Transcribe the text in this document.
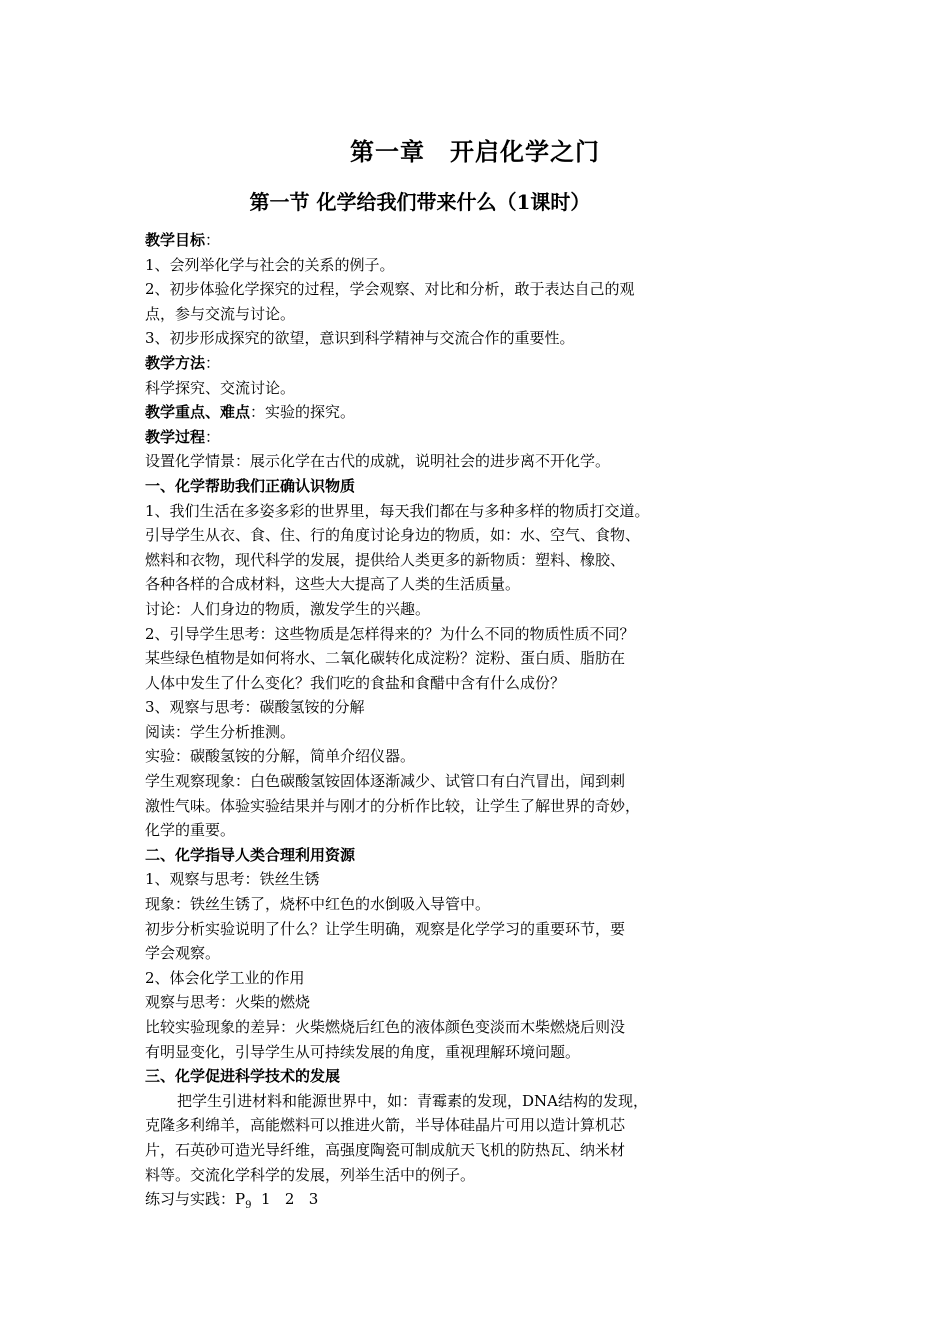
第一章　开启化学之门
第一节 化学给我们带来什么（1课时）
教学目标：
1、会列举化学与社会的关系的例子。
2、初步体验化学探究的过程，学会观察、对比和分析，敢于表达自己的观
点，参与交流与讨论。
3、初步形成探究的欲望，意识到科学精神与交流合作的重要性。
教学方法：
科学探究、交流讨论。
教学重点、难点：实验的探究。
教学过程：
设置化学情景：展示化学在古代的成就，说明社会的进步离不开化学。
一、化学帮助我们正确认识物质
1、我们生活在多姿多彩的世界里，每天我们都在与多种多样的物质打交道。
引导学生从衣、食、住、行的角度讨论身边的物质，如：水、空气、食物、
燃料和衣物，现代科学的发展，提供给人类更多的新物质：塑料、橡胶、
各种各样的合成材料，这些大大提高了人类的生活质量。
讨论：人们身边的物质，激发学生的兴趣。
2、引导学生思考：这些物质是怎样得来的？为什么不同的物质性质不同？
某些绿色植物是如何将水、二氧化碳转化成淀粉？淀粉、蛋白质、脂肪在
人体中发生了什么变化？我们吃的食盐和食醋中含有什么成份？
3、观察与思考：碳酸氢铵的分解
阅读：学生分析推测。
实验：碳酸氢铵的分解，简单介绍仪器。
学生观察现象：白色碳酸氢铵固体逐渐减少、试管口有白汽冒出，闻到刺
激性气味。体验实验结果并与刚才的分析作比较，让学生了解世界的奇妙，
化学的重要。
二、化学指导人类合理利用资源
1、观察与思考：铁丝生锈
现象：铁丝生锈了，烧杯中红色的水倒吸入导管中。
初步分析实验说明了什么？让学生明确，观察是化学学习的重要环节，要
学会观察。
2、体会化学工业的作用
观察与思考：火柴的燃烧
比较实验现象的差异：火柴燃烧后红色的液体颜色变淡而木柴燃烧后则没
有明显变化，引导学生从可持续发展的角度，重视理解环境问题。
三、化学促进科学技术的发展
把学生引进材料和能源世界中，如：青霉素的发现，DNA结构的发现，
克隆多利绵羊，高能燃料可以推进火箭，半导体硅晶片可用以造计算机芯
片，石英砂可造光导纤维，高强度陶瓷可制成航天飞机的防热瓦、纳米材
料等。交流化学科学的发展，列举生活中的例子。
练习与实践：$P_9$  1   2   3
